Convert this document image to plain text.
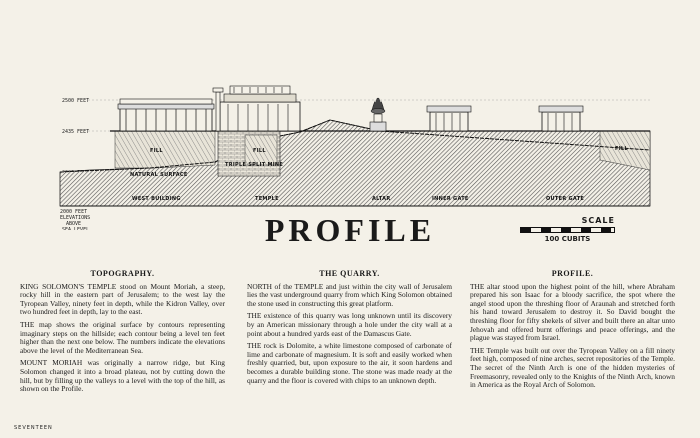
2500 FEET
2435 FEET
2000 FEET
ELEVATIONS
ABOVE
SEA LEVEL
FILL
NATURAL SURFACE
FILL
TRIPLE SPLIT MINE
FILL
WEST BUILDING	TEMPLE	ALTAR	INNER GATE	OUTER GATE
PROFILE	SCALE
100 CUBITS
TOPOGRAPHY.

KING SOLOMON'S TEMPLE stood on Mount Moriah, a steep, rocky hill in the eastern part of Jerusalem; to the west lay the Tyropean Valley, ninety feet in depth, while the Kidron Valley, over two hundred feet in depth, lay to the east.

THE map shows the original surface by contours representing imaginary steps on the hillside; each contour being a level ten feet higher than the next one below. The numbers indicate the elevations above the level of the Mediterranean Sea.

MOUNT MORIAH was originally a narrow ridge, but King Solomon changed it into a broad plateau, not by cutting down the hill, but by filling up the valleys to a level with the top of the hill, as shown on the Profile.

THE QUARRY.

NORTH of the TEMPLE and just within the city wall of Jerusalem lies the vast underground quarry from which King Solomon obtained the stone used in constructing this great platform.

THE existence of this quarry was long unknown until its discovery by an American missionary through a hole under the city wall at a point about a hundred yards east of the Damascus Gate.

THE rock is Dolomite, a white limestone composed of carbonate of lime and carbonate of magnesium. It is soft and easily worked when freshly quarried, but, upon exposure to the air, it soon hardens and becomes a durable building stone. The stone was made ready at the quarry and the floor is covered with chips to an unknown depth.

PROFILE.

THE altar stood upon the highest point of the hill, where Abraham prepared his son Isaac for a bloody sacrifice, the spot where the angel stood upon the threshing floor of Araunah and stretched forth his hand toward Jerusalem to destroy it. So David bought the threshing floor for fifty shekels of silver and built there an altar unto Jehovah and offered burnt offerings and peace offerings, and the plague was stayed from Israel.

THE Temple was built out over the Tyropean Valley on a fill ninety feet high, composed of nine arches, secret repositories of the Temple. The secret of the Ninth Arch is one of the hidden mysteries of Freemasonry, revealed only to the Knights of the Ninth Arch, known in America as the Royal Arch of Solomon.

SEVENTEEN
